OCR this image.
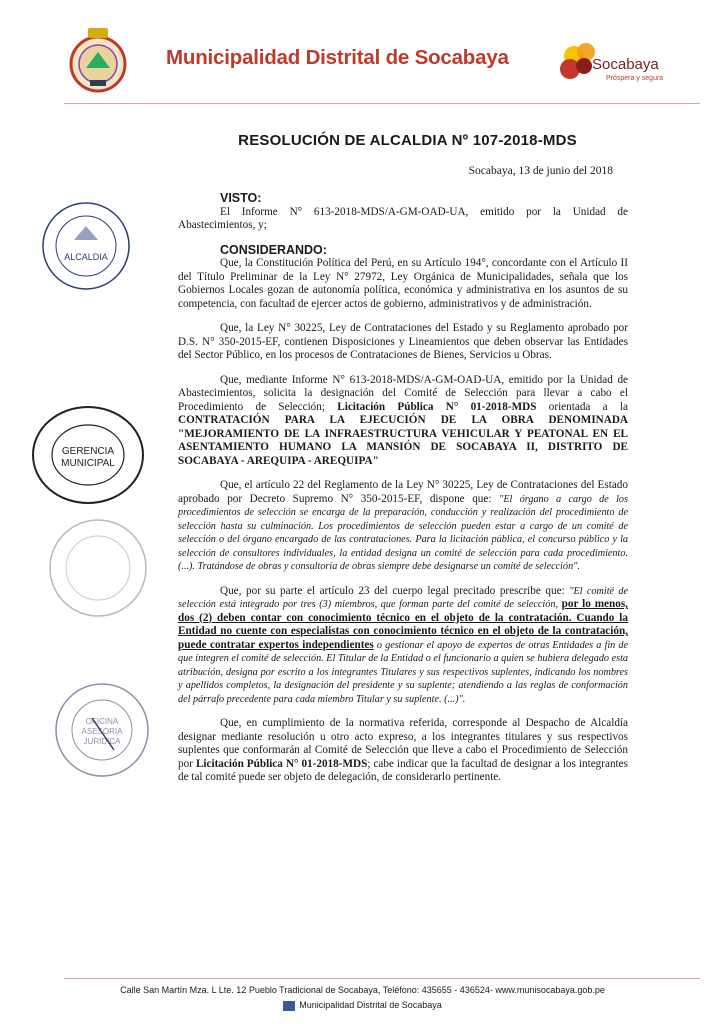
Municipalidad Distrital de Socabaya	Socabaya
Próspera y segura
RESOLUCIÓN DE ALCALDIA Nº 107-2018-MDS
Socabaya, 13 de junio del 2018
ALCALDIA
GERENCIA
MUNICIPAL
OFICINA
ASESORIA
JURIDICA
VISTO:

El Informe N° 613-2018-MDS/A-GM-OAD-UA, emitido por la Unidad de Abastecimientos, y;

CONSIDERANDO:

Que, la Constitución Política del Perú, en su Artículo 194°, concordante con el Artículo II del Título Preliminar de la Ley N° 27972, Ley Orgánica de Municipalidades, señala que los Gobiernos Locales gozan de autonomía política, económica y administrativa en los asuntos de su competencia, con facultad de ejercer actos de gobierno, administrativos y de administración.

Que, la Ley N° 30225, Ley de Contrataciones del Estado y su Reglamento aprobado por D.S. N° 350-2015-EF, contienen Disposiciones y Lineamientos que deben observar las Entidades del Sector Público, en los procesos de Contrataciones de Bienes, Servicios u Obras.

Que, mediante Informe N° 613-2018-MDS/A-GM-OAD-UA, emitido por la Unidad de Abastecimientos, solicita la designación del Comité de Selección para llevar a cabo el Procedimiento de Selección; Licitación Pública N° 01-2018-MDS orientada a la CONTRATACIÓN PARA LA EJECUCIÓN DE LA OBRA DENOMINADA "MEJORAMIENTO DE LA INFRAESTRUCTURA VEHICULAR Y PEATONAL EN EL ASENTAMIENTO HUMANO LA MANSIÓN DE SOCABAYA II, DISTRITO DE SOCABAYA - AREQUIPA - AREQUIPA"

Que, el artículo 22 del Reglamento de la Ley N° 30225, Ley de Contrataciones del Estado aprobado por Decreto Supremo N° 350-2015-EF, dispone que: "El órgano a cargo de los procedimientos de selección se encarga de la preparación, conducción y realización del procedimiento de selección hasta su culminación. Los procedimientos de selección pueden estar a cargo de un comité de selección o del órgano encargado de las contrataciones. Para la licitación pública, el concurso público y la selección de consultores individuales, la entidad designa un comité de selección para cada procedimiento. (...). Tratándose de obras y consultoría de obras siempre debe designarse un comité de selección".

Que, por su parte el artículo 23 del cuerpo legal precitado prescribe que: "El comité de selección está integrado por tres (3) miembros, que forman parte del comité de selección, por lo menos, dos (2) deben contar con conocimiento técnico en el objeto de la contratación. Cuando la Entidad no cuente con especialistas con conocimiento técnico en el objeto de la contratación, puede contratar expertos independientes o gestionar el apoyo de expertos de otras Entidades a fin de que integren el comité de selección. El Titular de la Entidad o el funcionario a quien se hubiera delegado esta atribución, designa por escrito a los integrantes Titulares y sus respectivos suplentes, indicando los nombres y apellidos completos, la designación del presidente y su suplente; atendiendo a las reglas de conformación del párrafo precedente para cada miembro Titular y su suplente. (...)".

Que, en cumplimiento de la normativa referida, corresponde al Despacho de Alcaldía designar mediante resolución u otro acto expreso, a los integrantes titulares y sus respectivos suplentes que conformarán al Comité de Selección que lleve a cabo el Procedimiento de Selección por Licitación Pública N° 01-2018-MDS; cabe indicar que la facultad de designar a los integrantes de tal comité puede ser objeto de delegación, de considerarlo pertinente.

Calle San Martín Mza. L Lte. 12 Pueblo Tradicional de Socabaya, Teléfono: 435655 - 436524- www.munisocabaya.gob.pe
Municipalidad Distrital de Socabaya
